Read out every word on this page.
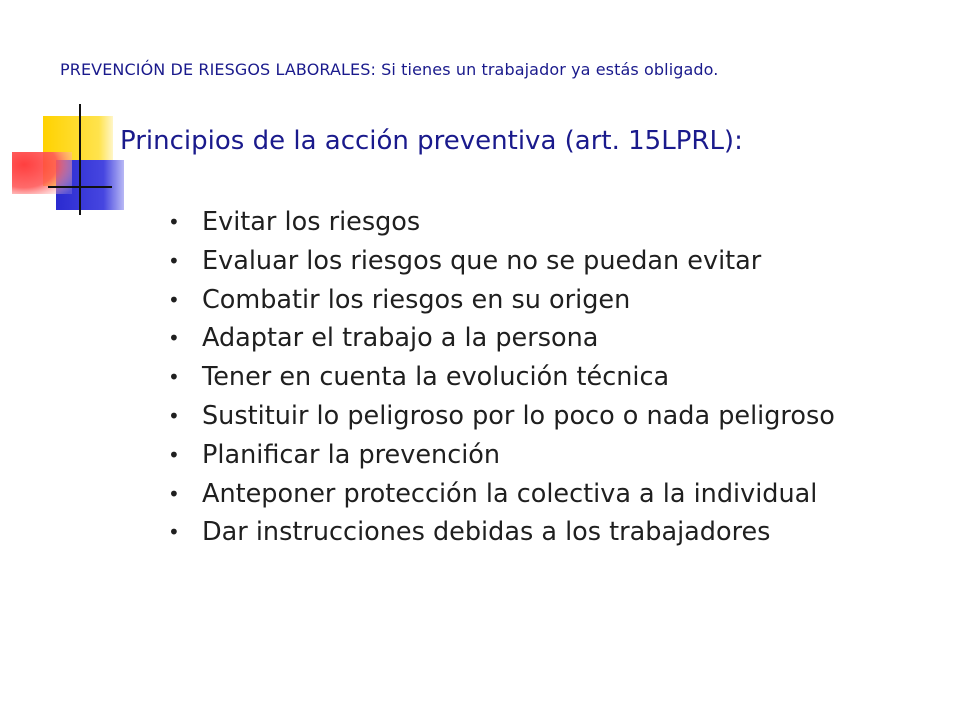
PREVENCIÓN DE RIESGOS LABORALES: Si tienes un trabajador ya estás obligado.
Principios de la acción preventiva (art. 15LPRL):
• Evitar los riesgos
• Evaluar los riesgos que no se puedan evitar
• Combatir los riesgos en su origen
• Adaptar el trabajo a la persona
• Tener en cuenta la evolución técnica
• Sustituir lo peligroso por lo poco o nada peligroso
• Planificar la prevención
• Anteponer protección la colectiva a la individual
• Dar instrucciones debidas a los trabajadores
